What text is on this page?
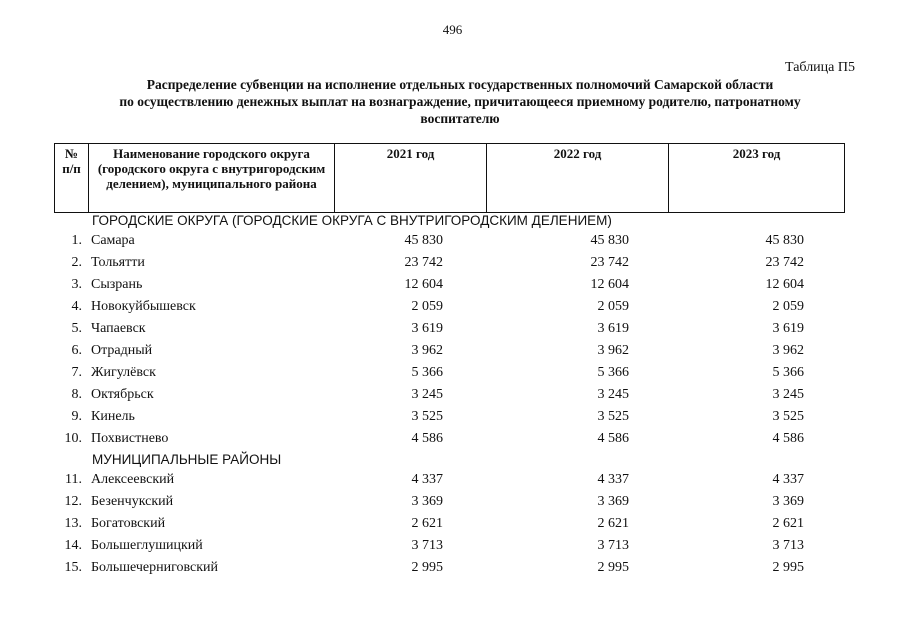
496
Таблица П5
Распределение субвенции на исполнение отдельных государственных полномочий Самарской области
по осуществлению денежных выплат на вознаграждение, причитающееся приемному родителю, патронатному
воспитателю
№ п/п	Наименование городского округа (городского округа с внутригородским делением), муниципального района	2021 год	2022 год	2023 год
ГОРОДСКИЕ ОКРУГА (ГОРОДСКИЕ ОКРУГА С ВНУТРИГОРОДСКИМ ДЕЛЕНИЕМ)
1. Самара	45 830	45 830	45 830
2. Тольятти	23 742	23 742	23 742
3. Сызрань	12 604	12 604	12 604
4. Новокуйбышевск	2 059	2 059	2 059
5. Чапаевск	3 619	3 619	3 619
6. Отрадный	3 962	3 962	3 962
7. Жигулёвск	5 366	5 366	5 366
8. Октябрьск	3 245	3 245	3 245
9. Кинель	3 525	3 525	3 525
10. Похвистнево	4 586	4 586	4 586
МУНИЦИПАЛЬНЫЕ РАЙОНЫ
11. Алексеевский	4 337	4 337	4 337
12. Безенчукский	3 369	3 369	3 369
13. Богатовский	2 621	2 621	2 621
14. Большеглушицкий	3 713	3 713	3 713
15. Большечерниговский	2 995	2 995	2 995
